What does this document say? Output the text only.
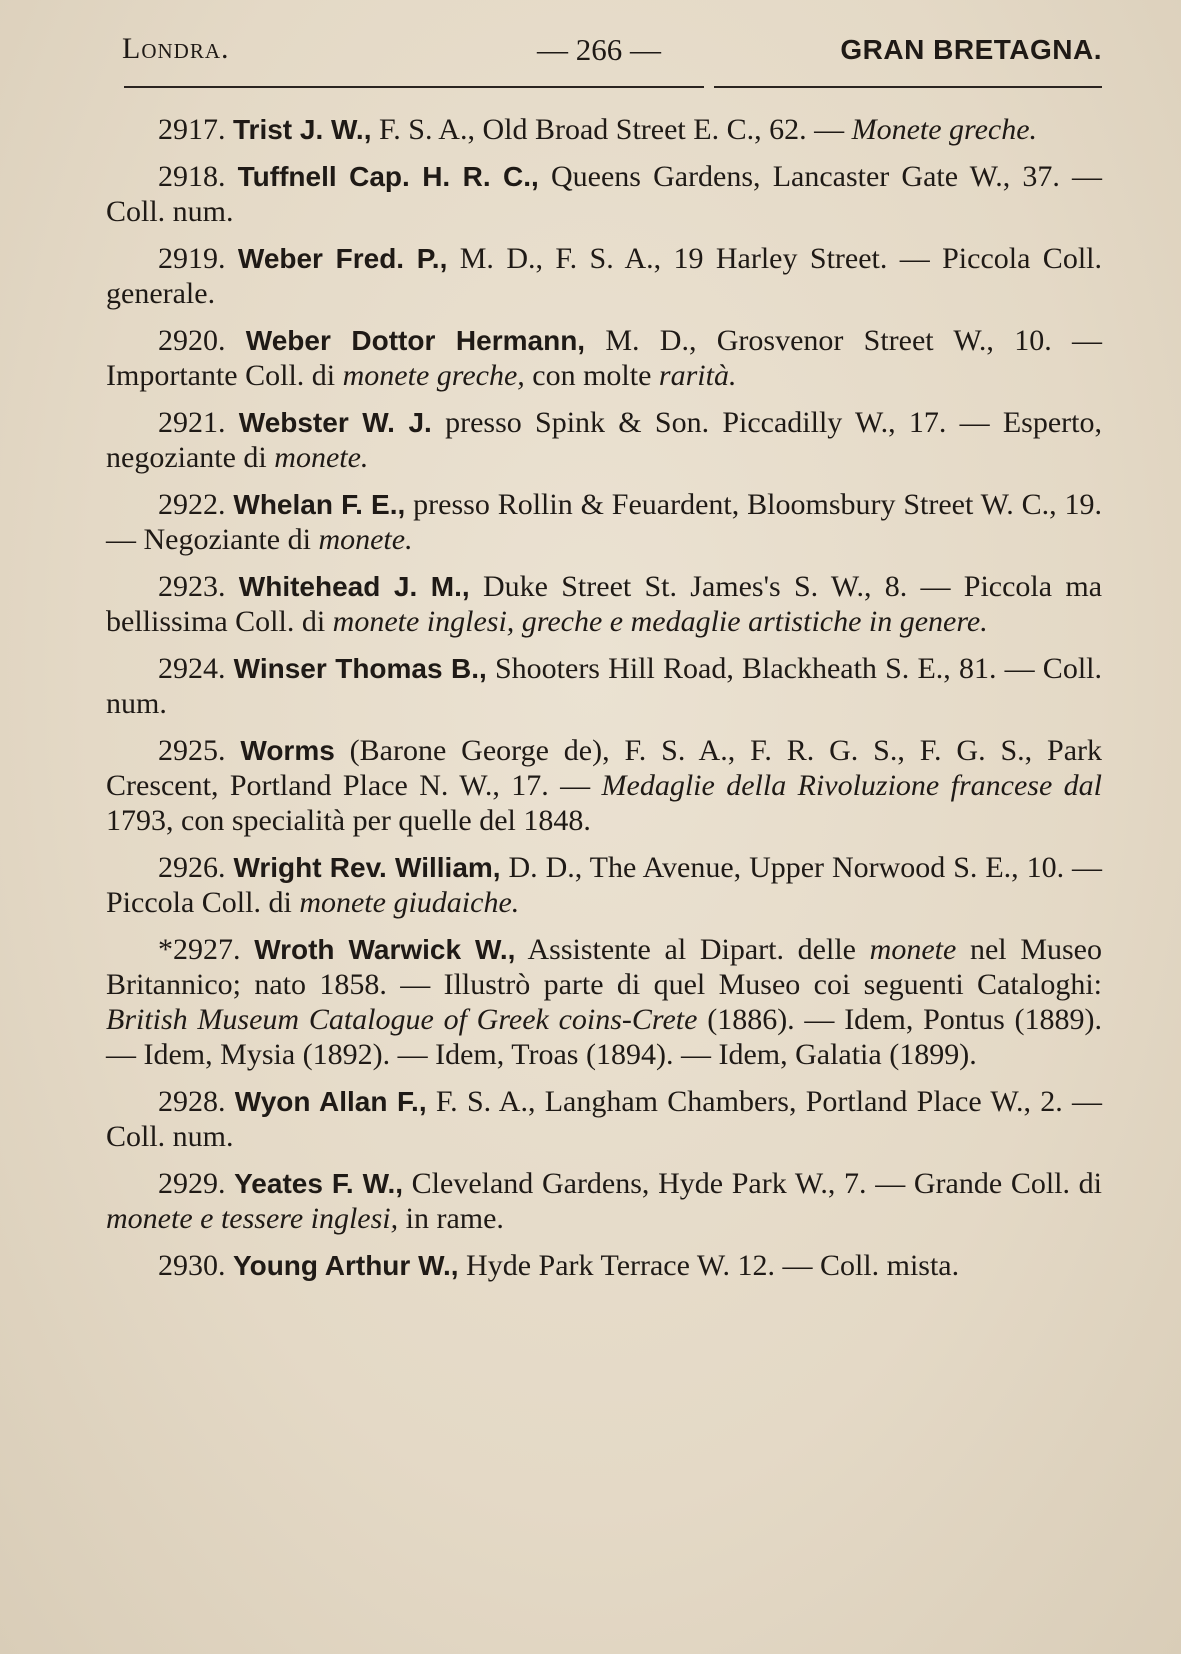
Londra.	— 266 —	GRAN BRETAGNA.

2917. Trist J. W., F. S. A., Old Broad Street E. C., 62. — Monete greche.

2918. Tuffnell Cap. H. R. C., Queens Gardens, Lancaster Gate W., 37. — Coll. num.

2919. Weber Fred. P., M. D., F. S. A., 19 Harley Street. — Piccola Coll. generale.

2920. Weber Dottor Hermann, M. D., Grosvenor Street W., 10. — Importante Coll. di monete greche, con molte rarità.

2921. Webster W. J. presso Spink & Son. Piccadilly W., 17. — Esperto, negoziante di monete.

2922. Whelan F. E., presso Rollin & Feuardent, Bloomsbury Street W. C., 19. — Negoziante di monete.

2923. Whitehead J. M., Duke Street St. James's S. W., 8. — Piccola ma bellissima Coll. di monete inglesi, greche e medaglie artistiche in genere.

2924. Winser Thomas B., Shooters Hill Road, Blackheath S. E., 81. — Coll. num.

2925. Worms (Barone George de), F. S. A., F. R. G. S., F. G. S., Park Crescent, Portland Place N. W., 17. — Medaglie della Rivoluzione francese dal 1793, con specialità per quelle del 1848.

2926. Wright Rev. William, D. D., The Avenue, Upper Norwood S. E., 10. — Piccola Coll. di monete giudaiche.

*2927. Wroth Warwick W., Assistente al Dipart. delle monete nel Museo Britannico; nato 1858. — Illustrò parte di quel Museo coi seguenti Cataloghi: British Museum Catalogue of Greek coins-Crete (1886). — Idem, Pontus (1889). — Idem, Mysia (1892). — Idem, Troas (1894). — Idem, Galatia (1899).

2928. Wyon Allan F., F. S. A., Langham Chambers, Portland Place W., 2. — Coll. num.

2929. Yeates F. W., Cleveland Gardens, Hyde Park W., 7. — Grande Coll. di monete e tessere inglesi, in rame.

2930. Young Arthur W., Hyde Park Terrace W. 12. — Coll. mista.
